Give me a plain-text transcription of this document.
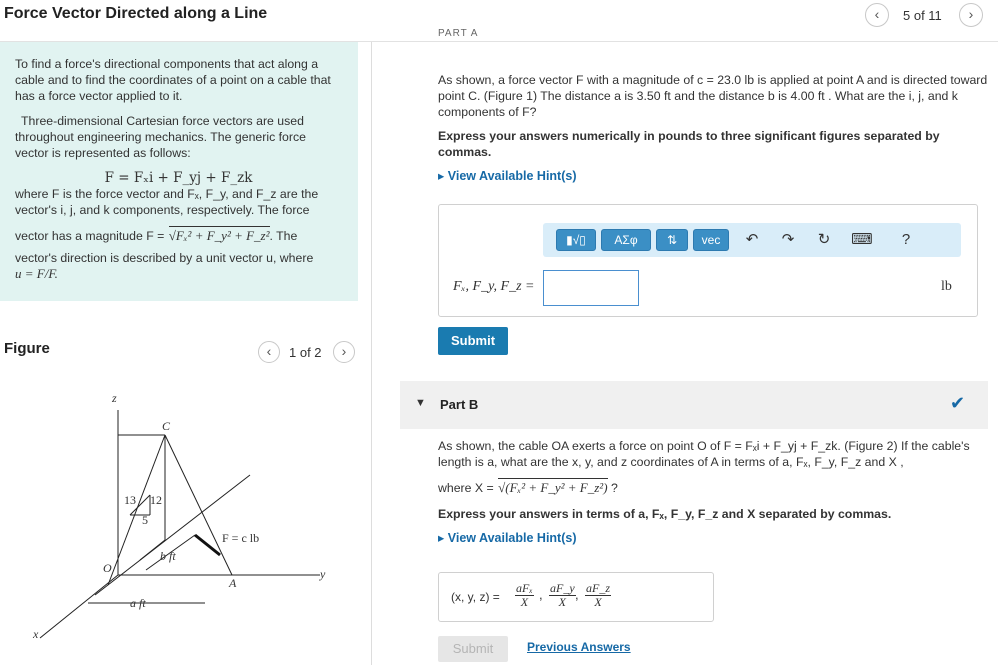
Force Vector Directed along a Line	‹	5 of 11	›

To find a force's directional components that act along a cable and to find the coordinates of a point on a cable that has a force vector applied to it.

Three-dimensional Cartesian force vectors are used throughout engineering mechanics. The generic force vector is represented as follows:

F = Fₓi + F_yj + F_zk
where F is the force vector and Fₓ, F_y, and F_z are the vector's i, j, and k components, respectively. The force
vector has a magnitude F = √Fₓ² + F_y² + F_z². The
vector's direction is described by a unit vector u, where
u = F/F.
Figure	‹	1 of 2	›
z
C
13 12
5
F = c lb
b ft
O
A
y
a ft
x
PART A

As shown, a force vector F with a magnitude of c = 23.0 lb is applied at point A and is directed toward point C. (Figure 1) The distance a is 3.50 ft and the distance b is 4.00 ft . What are the i, j, and k components of F?

Express your answers numerically in pounds to three significant figures separated by commas.

▸ View Available Hint(s)
▮√▯	ΑΣφ	⇅	vec	↶	↷	↻	⌨	?
Fₓ, F_y, F_z =	lb
Submit
▼ Part B	✔

As shown, the cable OA exerts a force on point O of F = Fₓi + F_yj + F_zk. (Figure 2) If the cable's length is a, what are the x, y, and z coordinates of A in terms of a, Fₓ, F_y, F_z and X ,

where X = √(Fₓ² + F_y² + F_z²) ?

Express your answers in terms of a, Fₓ, F_y, F_z and X separated by commas.

▸ View Available Hint(s)
(x, y, z) =
aFₓ
X , $\frac{aF\_y}{X}$ , $\frac{aF\_z}{X}$
Submit	Previous Answers
